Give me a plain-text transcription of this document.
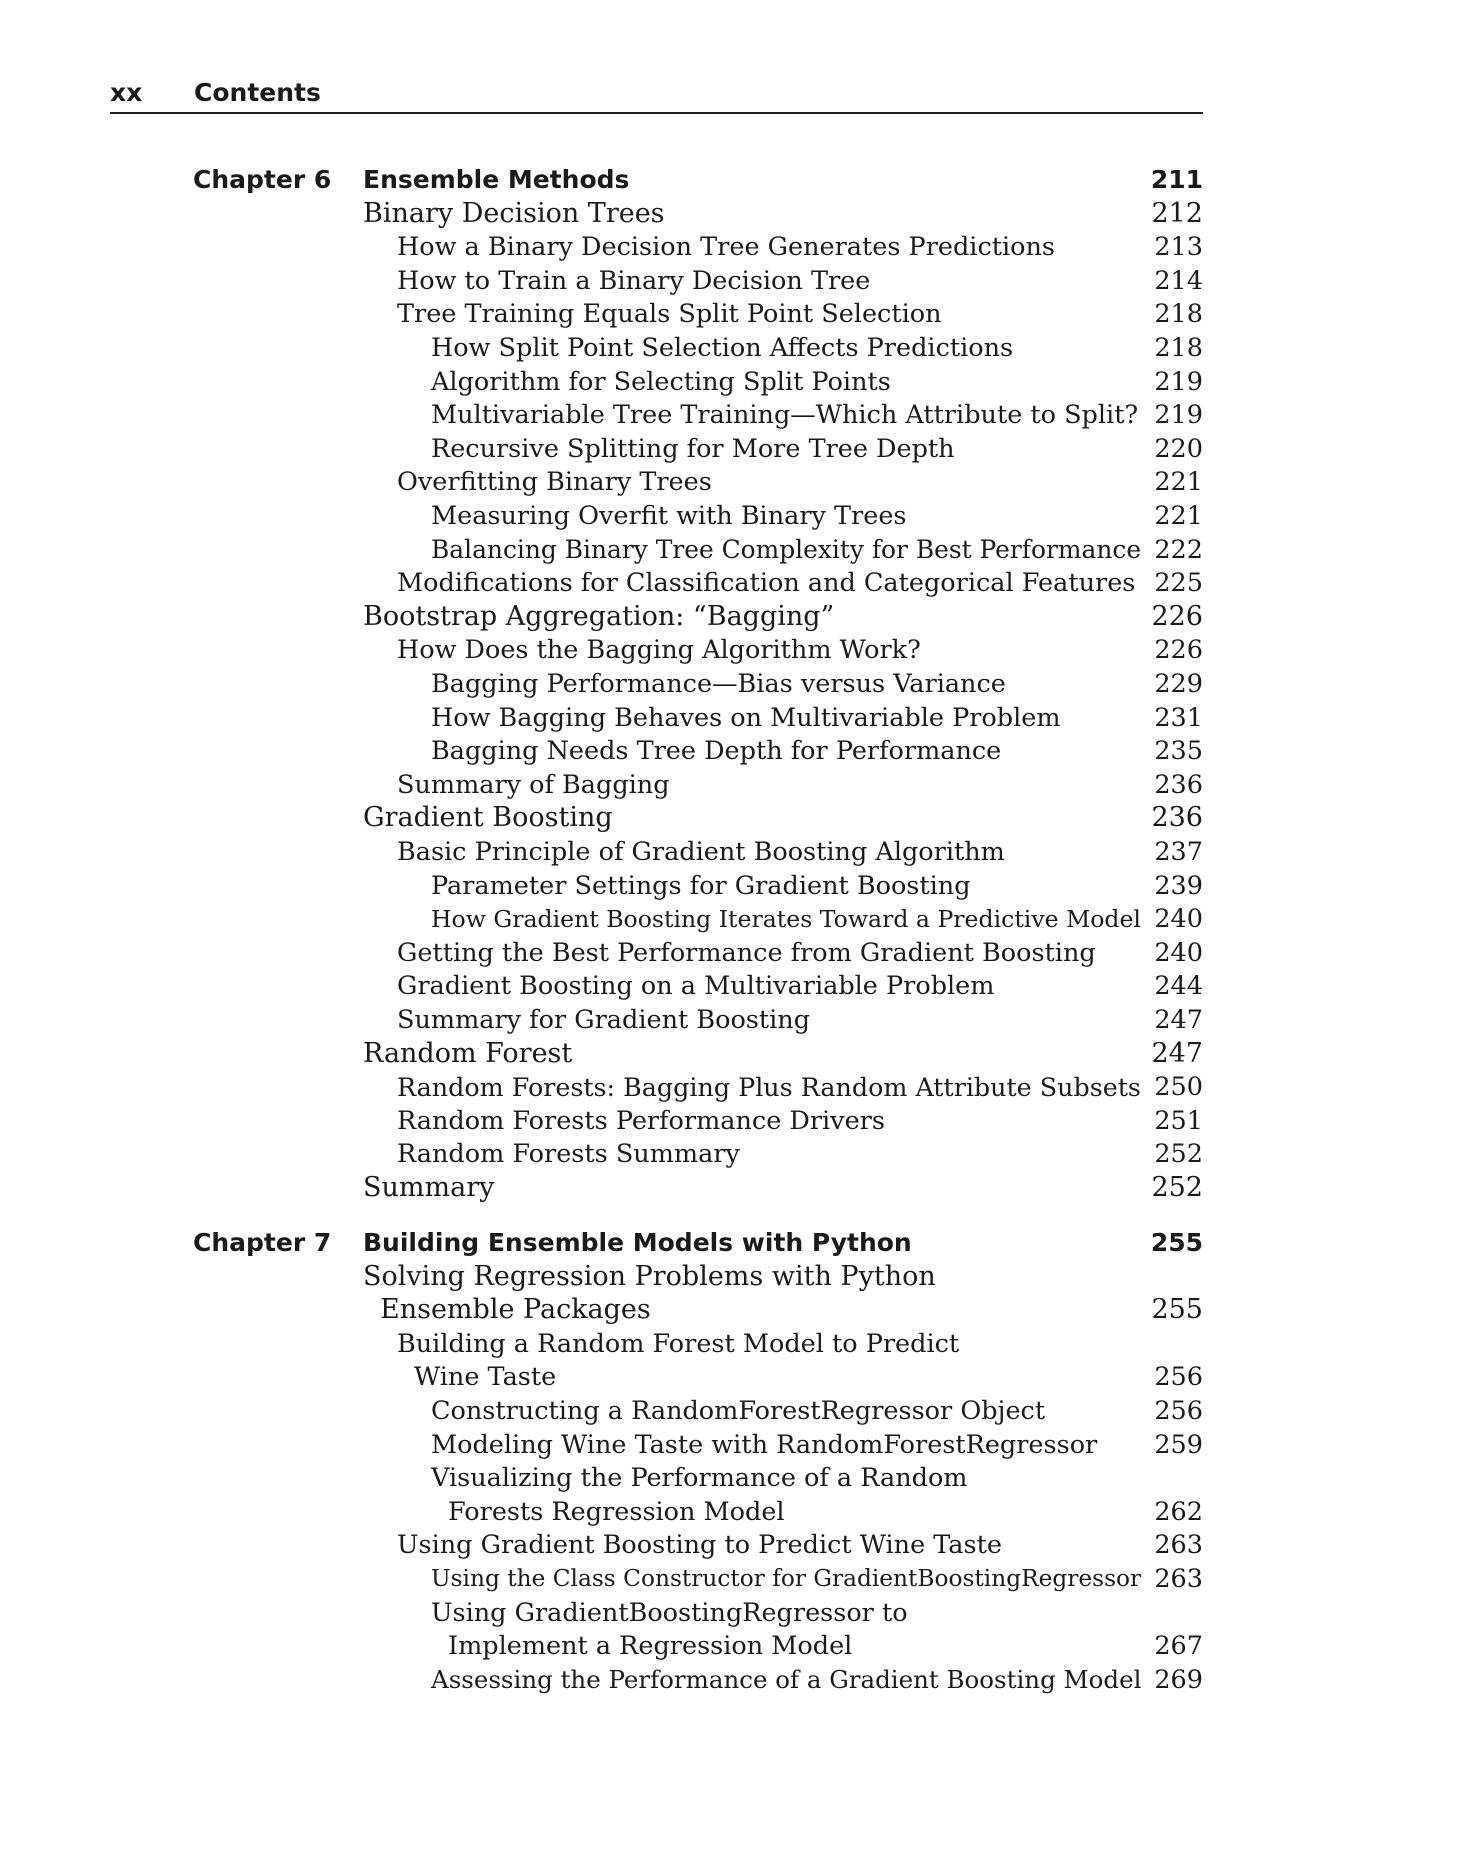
xx Contents
Chapter 6 Ensemble Methods	211
Binary Decision Trees	212
How a Binary Decision Tree Generates Predictions	213
How to Train a Binary Decision Tree	214
Tree Training Equals Split Point Selection	218
How Split Point Selection Affects Predictions	218
Algorithm for Selecting Split Points	219
Multivariable Tree Training—Which Attribute to Split? 219
Recursive Splitting for More Tree Depth	220
Overfitting Binary Trees	221
Measuring Overfit with Binary Trees	221
Balancing Binary Tree Complexity for Best Performance 222
Modifications for Classification and Categorical Features 225
Bootstrap Aggregation: “Bagging”	226
How Does the Bagging Algorithm Work?	226
Bagging Performance—Bias versus Variance	229
How Bagging Behaves on Multivariable Problem	231
Bagging Needs Tree Depth for Performance	235
Summary of Bagging	236
Gradient Boosting	236
Basic Principle of Gradient Boosting Algorithm	237
Parameter Settings for Gradient Boosting	239
How Gradient Boosting Iterates Toward a Predictive Model 240
Getting the Best Performance from Gradient Boosting	240
Gradient Boosting on a Multivariable Problem	244
Summary for Gradient Boosting	247
Random Forest	247
Random Forests: Bagging Plus Random Attribute Subsets 250
Random Forests Performance Drivers	251
Random Forests Summary	252
Summary	252
Chapter 7 Building Ensemble Models with Python	255
Solving Regression Problems with Python
Ensemble Packages	255
Building a Random Forest Model to Predict
Wine Taste	256
Constructing a RandomForestRegressor Object	256
Modeling Wine Taste with RandomForestRegressor	259
Visualizing the Performance of a Random
Forests Regression Model	262
Using Gradient Boosting to Predict Wine Taste	263
Using the Class Constructor for GradientBoostingRegressor 263
Using GradientBoostingRegressor to
Implement a Regression Model	267
Assessing the Performance of a Gradient Boosting Model 269
